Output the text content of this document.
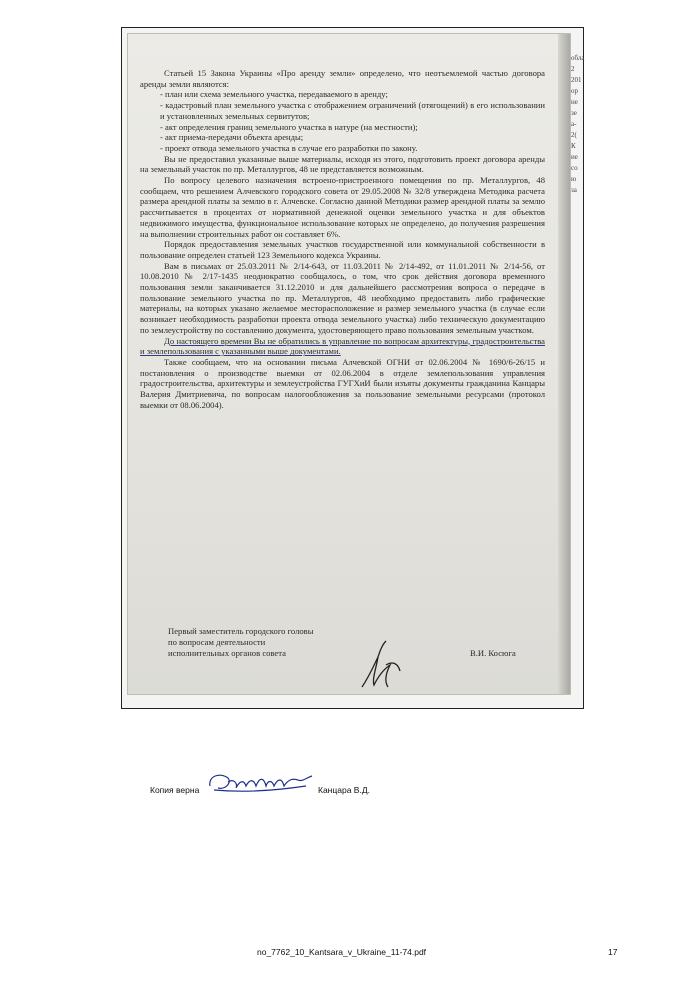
Статьей 15 Закона Украины «Про аренду земли» определено, что неотъемлемой частью договора аренды земли являются:

- план или схема земельного участка, передаваемого в аренду;

- кадастровый план земельного участка с отображением ограничений (отягощений) в его использовании и установленных земельных сервитутов;

- акт определения границ земельного участка в натуре (на местности);

- акт приема-передачи объекта аренды;

- проект отвода земельного участка в случае его разработки по закону.

Вы не предоставил указанные выше материалы, исходя из этого, подготовить проект договора аренды на земельный участок по пр. Металлургов, 48 не представляется возможным.

По вопросу целевого назначения встроено-пристроенного помещения по пр. Металлургов, 48 сообщаем, что решением Алчевского городского совета от 29.05.2008 № 32/8 утверждена Методика расчета размера арендной платы за землю в г. Алчевске. Согласно данной Методики размер арендной платы за землю рассчитывается в процентах от нормативной денежной оценки земельного участка и для объектов недвижимого имущества, функциональное использование которых не определено, до получения разрешения на выполнении строительных работ он составляет 6%.

Порядок предоставления земельных участков государственной или коммунальной собственности в пользование определен статьей 123 Земельного кодекса Украины.

Вам в письмах от 25.03.2011 № 2/14-643, от 11.03.2011 № 2/14-492, от 11.01.2011 № 2/14-56, от 10.08.2010 № 2/17-1435 неоднократно сообщалось, о том, что срок действия договора временного пользования земли заканчивается 31.12.2010 и для дальнейшего рассмотрения вопроса о передаче в пользование земельного участка по пр. Металлургов, 48 необходимо предоставить либо графические материалы, на которых указано желаемое месторасположение и размер земельного участка (в случае если возникает необходимость разработки проекта отвода земельного участка) либо техническую документацию по землеустройству по составлению документа, удостоверяющего право пользования земельным участком.

До настоящего времени Вы не обратились в управление по вопросам архитектуры, градостроительства и землепользования с указанными выше документами.

Также сообщаем, что на основании письма Алчевской ОГНИ от 02.06.2004 № 1690/6-26/15 и постановления о производстве выемки от 02.06.2004 в отделе землепользования управления градостроительства, архитектуры и землеустройства ГУГХиИ были изъяты документы гражданина Канцары Валерия Дмитриевича, по вопросам налогообложения за пользование земельными ресурсами (протокол выемки от 08.06.2004).

Первый заместитель городского головы
по вопросам деятельности
исполнительных органов совета	В.И. Косюга
обла
2 201
ор
не
зе
а-
2(
К
ие
со
ю
за
Копия верна	Канцара В.Д.
no_7762_10_Kantsara_v_Ukraine_11-74.pdf	17
